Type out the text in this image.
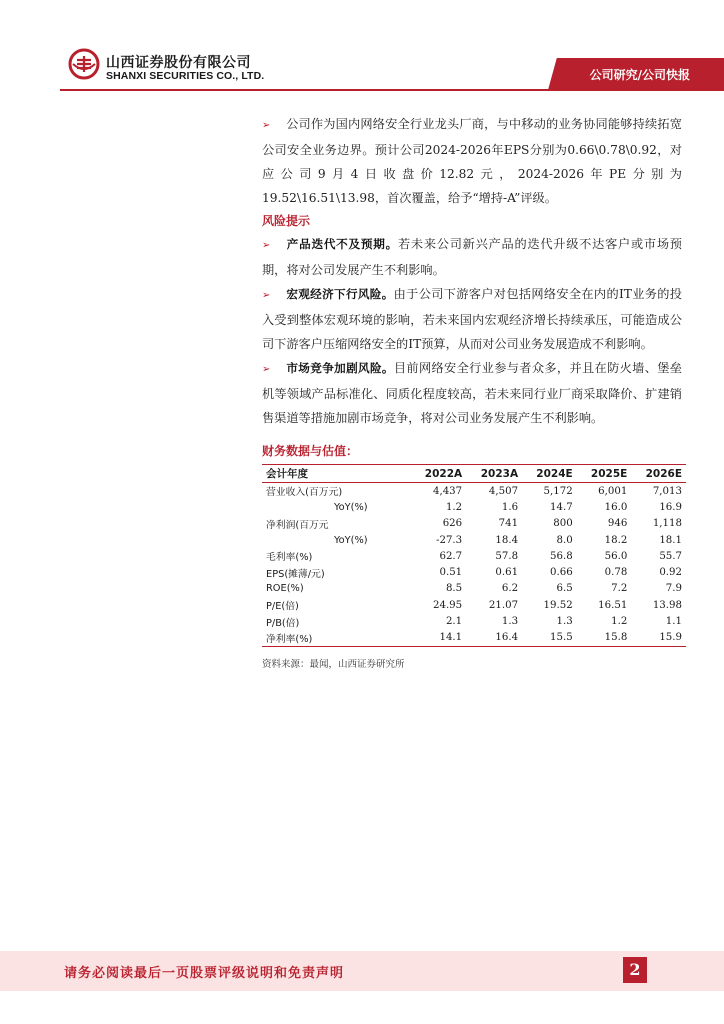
山西证券股份有限公司
SHANXI SECURITIES CO., LTD.	公司研究/公司快报

➢ 公司作为国内网络安全行业龙头厂商，与中移动的业务协同能够持续拓宽公司安全业务边界。预计公司2024-2026年EPS分别为0.66\0.78\0.92，对应公司9月4日收盘价12.82元，2024-2026年PE分别为19.52\16.51\13.98，首次覆盖，给予“增持-A”评级。

风险提示

➢ 产品迭代不及预期。若未来公司新兴产品的迭代升级不达客户或市场预期，将对公司发展产生不利影响。

➢ 宏观经济下行风险。由于公司下游客户对包括网络安全在内的IT业务的投入受到整体宏观环境的影响，若未来国内宏观经济增长持续承压，可能造成公司下游客户压缩网络安全的IT预算，从而对公司业务发展造成不利影响。

➢ 市场竞争加剧风险。目前网络安全行业参与者众多，并且在防火墙、堡垒机等领域产品标准化、同质化程度较高，若未来同行业厂商采取降价、扩建销售渠道等措施加剧市场竞争，将对公司业务发展产生不利影响。

财务数据与估值：
会计年度	2022A	2023A	2024E	2025E	2026E
营业收入(百万元)	4,437	4,507	5,172	6,001	7,013
YoY(%)	1.2	1.6	14.7	16.0	16.9
净利润(百万元	626	741	800	946	1,118
YoY(%)	-27.3	18.4	8.0	18.2	18.1
毛利率(%)	62.7	57.8	56.8	56.0	55.7
EPS(摊薄/元)	0.51	0.61	0.66	0.78	0.92
ROE(%)	8.5	6.2	6.5	7.2	7.9
P/E(倍)	24.95	21.07	19.52	16.51	13.98
P/B(倍)	2.1	1.3	1.3	1.2	1.1
净利率(%)	14.1	16.4	15.5	15.8	15.9
资料来源：最闻，山西证券研究所
请务必阅读最后一页股票评级说明和免责声明	2
